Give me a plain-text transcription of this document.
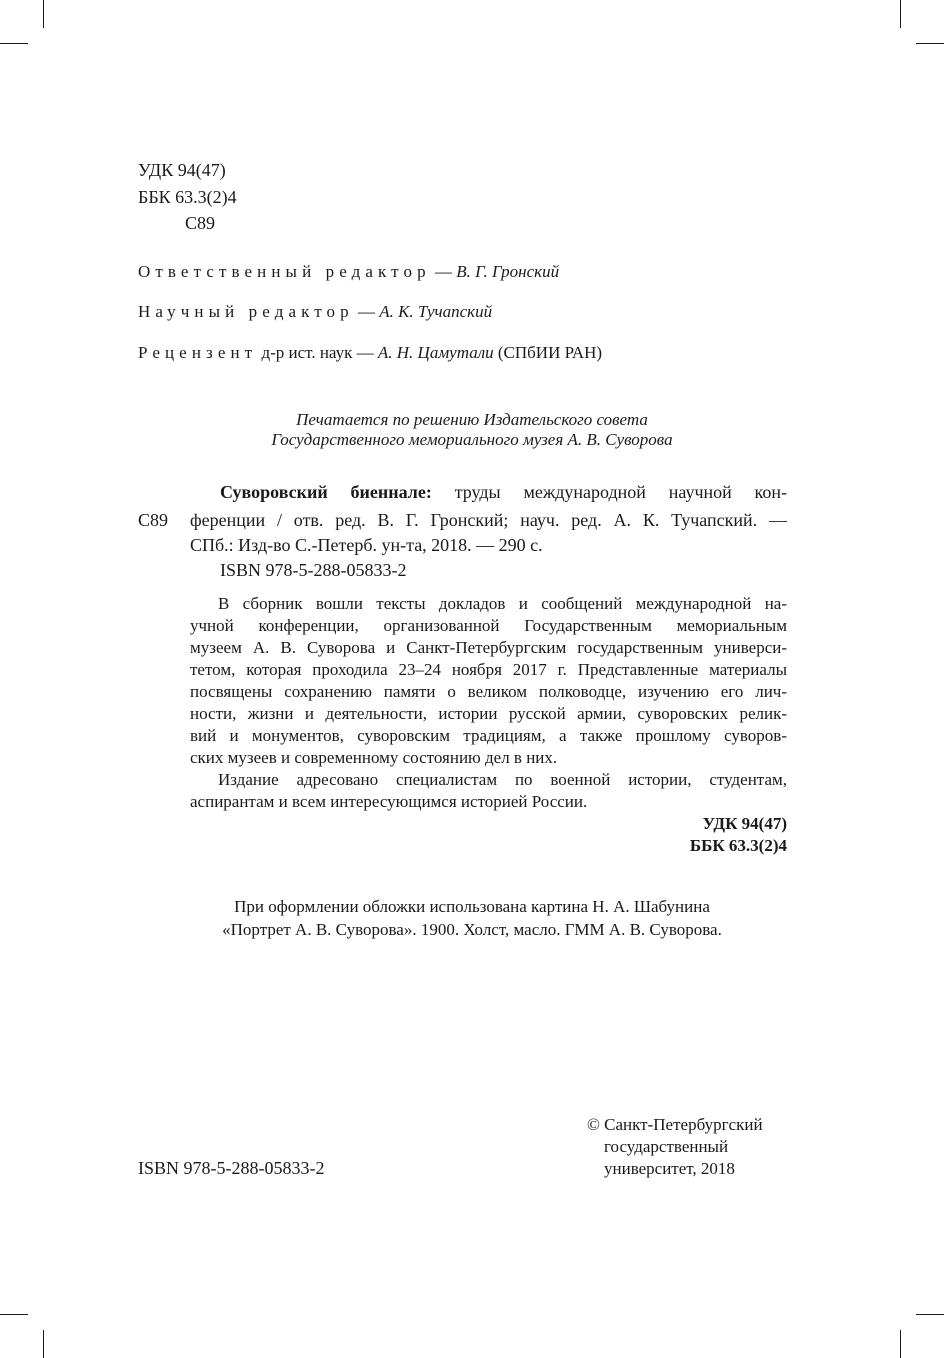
УДК 94(47)
ББК 63.3(2)4
С89
Ответственный редактор — В. Г. Гронский
Научный редактор — А. К. Тучапский
Рецензент д-р ист. наук — А. Н. Цамутали (СПбИИ РАН)
Печатается по решению Издательского совета
Государственного мемориального музея А. В. Суворова
С89
Суворовский биеннале: труды международной научной кон-
ференции / отв. ред. В. Г. Гронский; науч. ред. А. К. Тучапский. —
СПб.: Изд-во С.-Петерб. ун-та, 2018. — 290 с.
ISBN 978-5-288-05833-2
В сборник вошли тексты докладов и сообщений международной на-
учной конференции, организованной Государственным мемориальным
музеем А. В. Суворова и Санкт-Петербургским государственным универси-
тетом, которая проходила 23–24 ноября 2017 г. Представленные материалы
посвящены сохранению памяти о великом полководце, изучению его лич-
ности, жизни и деятельности, истории русской армии, суворовских релик-
вий и монументов, суворовским традициям, а также прошлому суворов-
ских музеев и современному состоянию дел в них.
Издание адресовано специалистам по военной истории, студентам,
аспирантам и всем интересующимся историей России.
УДК 94(47)
ББК 63.3(2)4
При оформлении обложки использована картина Н. А. Шабунина
«Портрет А. В. Суворова». 1900. Холст, масло. ГММ А. В. Суворова.
ISBN 978-5-288-05833-2
© Санкт-Петербургский
государственный
университет, 2018
